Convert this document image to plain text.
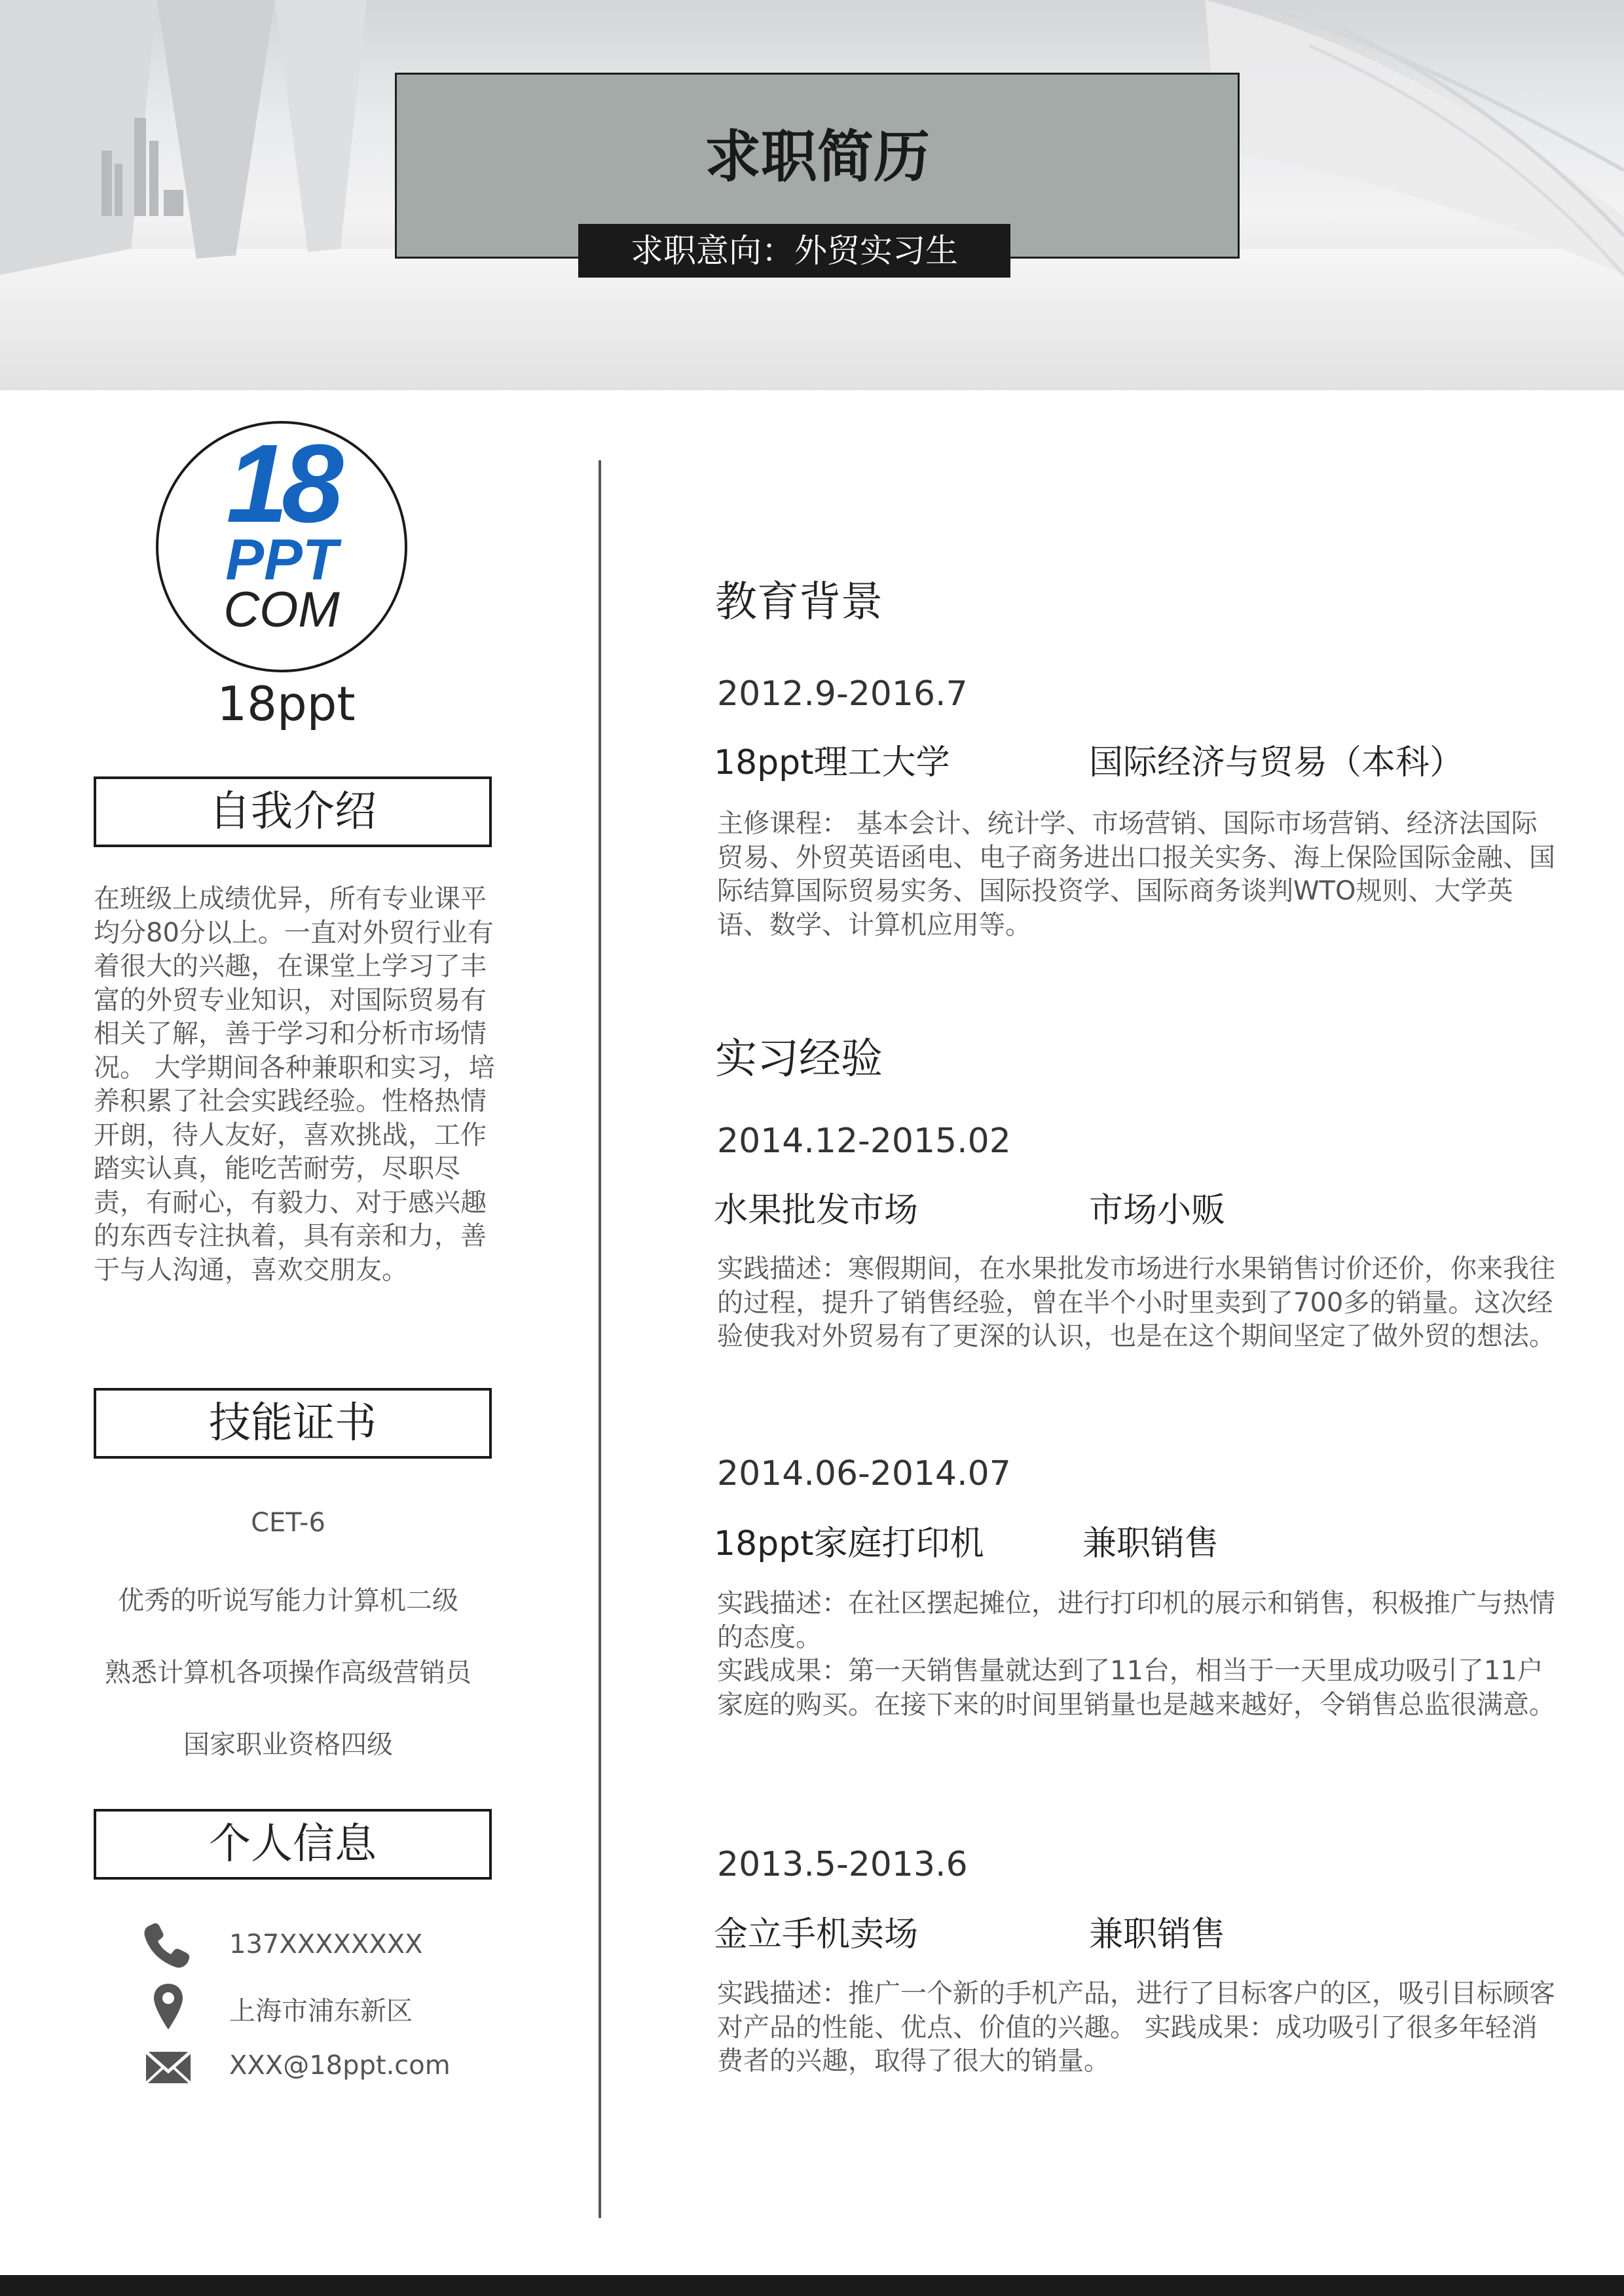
求职简历
求职意向：外贸实习生
18
PPT
COM
18ppt
自我介绍

在班级上成绩优异，所有专业课平均分80分以上。一直对外贸行业有着很大的兴趣，在课堂上学习了丰富的外贸专业知识，对国际贸易有相关了解，善于学习和分析市场情况。 大学期间各种兼职和实习，培养积累了社会实践经验。性格热情开朗，待人友好，喜欢挑战，工作踏实认真，能吃苦耐劳，尽职尽责，有耐心，有毅力、对于感兴趣的东西专注执着，具有亲和力，善于与人沟通，喜欢交朋友。

技能证书
CET-6
优秀的听说写能力计算机二级
熟悉计算机各项操作高级营销员
国家职业资格四级
个人信息
137XXXXXXXX
上海市浦东新区
XXX@18ppt.com
教育背景
2012.9-2016.7
18ppt理工大学	国际经济与贸易（本科）

主修课程： 基本会计、统计学、市场营销、国际市场营销、经济法国际贸易、外贸英语函电、电子商务进出口报关实务、海上保险国际金融、国际结算国际贸易实务、国际投资学、国际商务谈判WTO规则、大学英语、数学、计算机应用等。

实习经验
2014.12-2015.02
水果批发市场	市场小贩

实践描述：寒假期间，在水果批发市场进行水果销售讨价还价，你来我往的过程，提升了销售经验，曾在半个小时里卖到了700多的销量。这次经验使我对外贸易有了更深的认识，也是在这个期间坚定了做外贸的想法。

2014.06-2014.07
18ppt家庭打印机	兼职销售

实践描述：在社区摆起摊位，进行打印机的展示和销售，积极推广与热情的态度。

实践成果：第一天销售量就达到了11台，相当于一天里成功吸引了11户家庭的购买。在接下来的时间里销量也是越来越好，令销售总监很满意。

2013.5-2013.6
金立手机卖场	兼职销售

实践描述：推广一个新的手机产品，进行了目标客户的区，吸引目标顾客对产品的性能、优点、价值的兴趣。 实践成果：成功吸引了很多年轻消费者的兴趣，取得了很大的销量。
